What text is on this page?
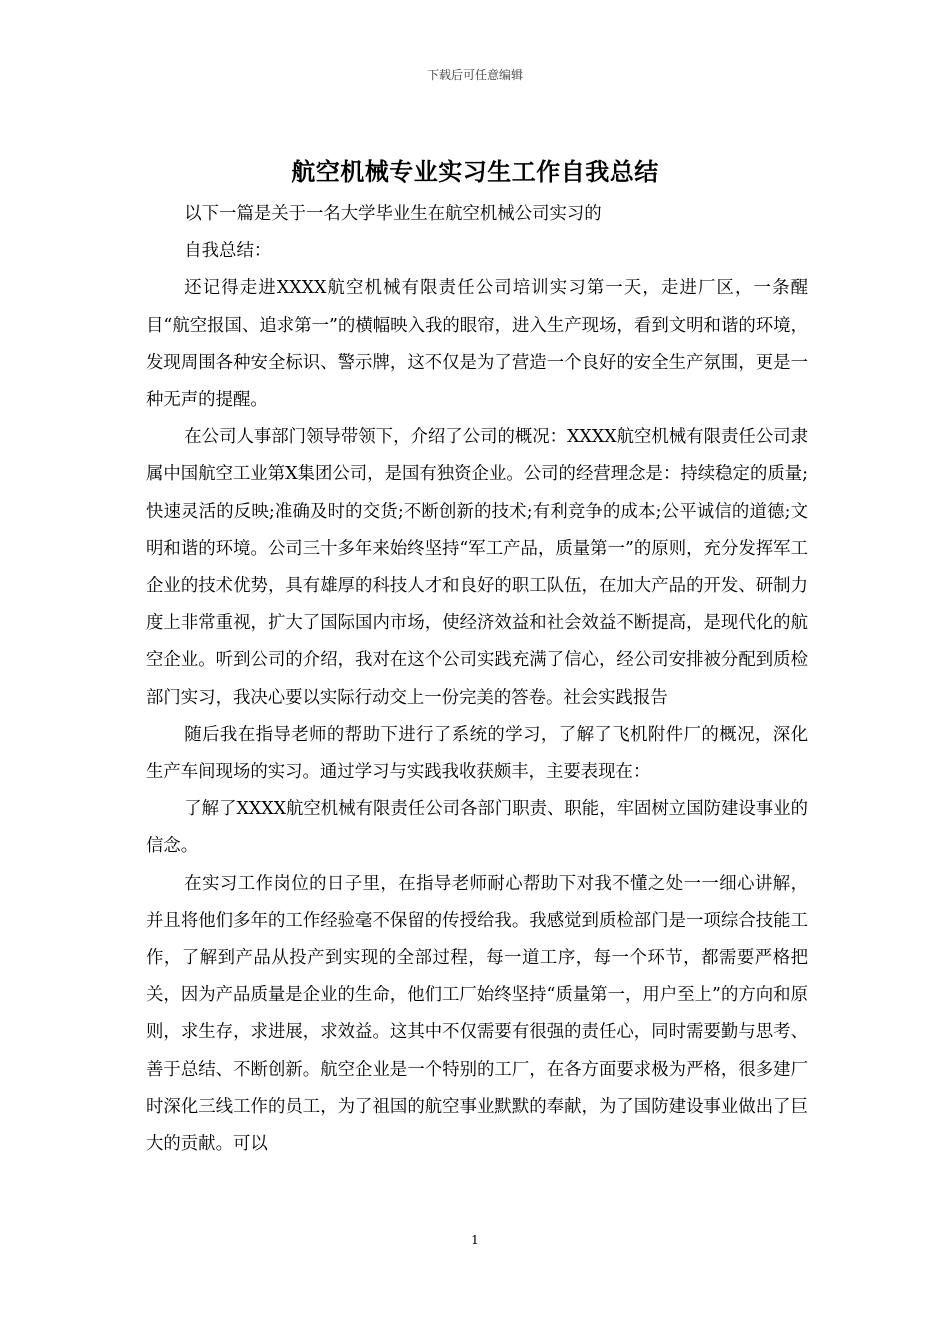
下载后可任意编辑
航空机械专业实习生工作自我总结

以下一篇是关于一名大学毕业生在航空机械公司实习的

自我总结：

还记得走进XXXX航空机械有限责任公司培训实习第一天，走进厂区，一条醒目“航空报国、追求第一”的横幅映入我的眼帘，进入生产现场，看到文明和谐的环境，发现周围各种安全标识、警示牌，这不仅是为了营造一个良好的安全生产氛围，更是一种无声的提醒。

在公司人事部门领导带领下，介绍了公司的概况：XXXX航空机械有限责任公司隶属中国航空工业第X集团公司，是国有独资企业。公司的经营理念是：持续稳定的质量;快速灵活的反映;准确及时的交货;不断创新的技术;有利竞争的成本;公平诚信的道德;文明和谐的环境。公司三十多年来始终坚持“军工产品，质量第一”的原则，充分发挥军工企业的技术优势，具有雄厚的科技人才和良好的职工队伍，在加大产品的开发、研制力度上非常重视，扩大了国际国内市场，使经济效益和社会效益不断提高，是现代化的航空企业。听到公司的介绍，我对在这个公司实践充满了信心，经公司安排被分配到质检部门实习，我决心要以实际行动交上一份完美的答卷。社会实践报告

随后我在指导老师的帮助下进行了系统的学习，了解了飞机附件厂的概况，深化生产车间现场的实习。通过学习与实践我收获颇丰，主要表现在：

了解了XXXX航空机械有限责任公司各部门职责、职能，牢固树立国防建设事业的信念。

在实习工作岗位的日子里，在指导老师耐心帮助下对我不懂之处一一细心讲解，并且将他们多年的工作经验毫不保留的传授给我。我感觉到质检部门是一项综合技能工作，了解到产品从投产到实现的全部过程，每一道工序，每一个环节，都需要严格把关，因为产品质量是企业的生命，他们工厂始终坚持“质量第一，用户至上”的方向和原则，求生存，求进展，求效益。这其中不仅需要有很强的责任心，同时需要勤与思考、善于总结、不断创新。航空企业是一个特别的工厂，在各方面要求极为严格，很多建厂时深化三线工作的员工，为了祖国的航空事业默默的奉献，为了国防建设事业做出了巨大的贡献。可以

1
